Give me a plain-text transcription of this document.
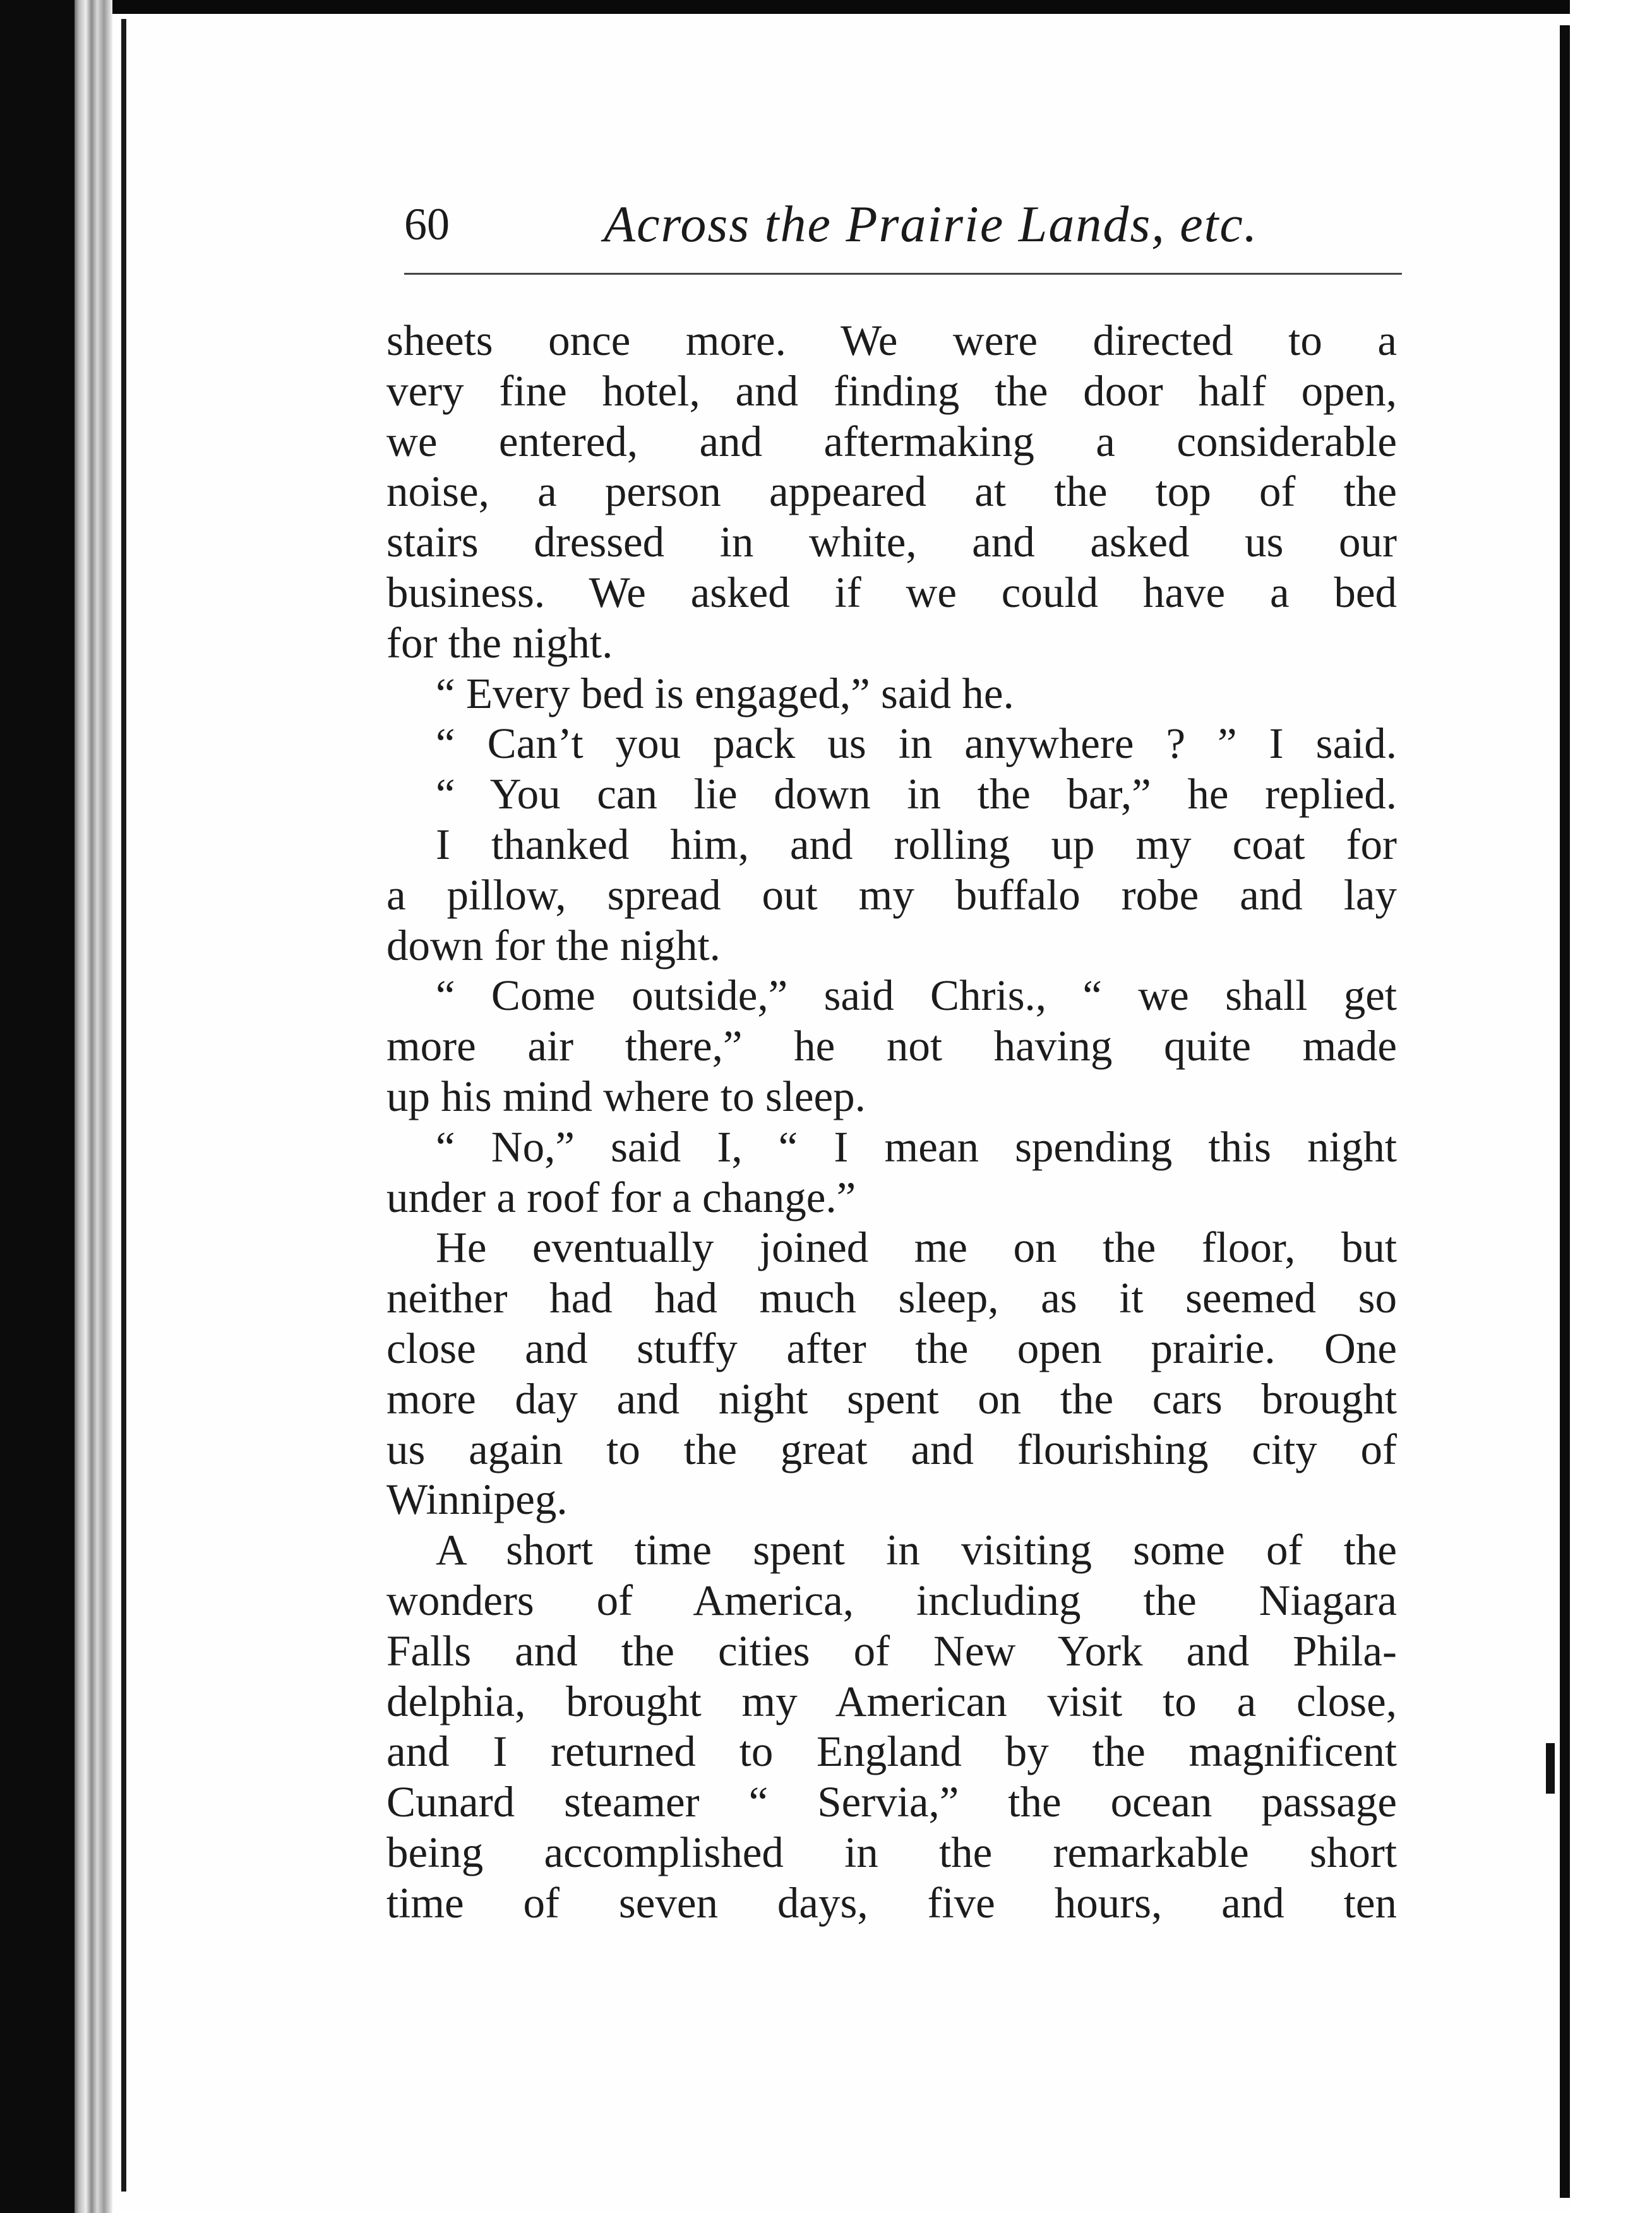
60	Across the Prairie Lands, etc.
sheets once more. We were directed to a
very fine hotel, and finding the door half open,
we entered, and aftermaking a considerable
noise, a person appeared at the top of the
stairs dressed in white, and asked us our
business. We asked if we could have a bed
for the night.
“ Every bed is engaged,” said he.
“ Can’t you pack us in anywhere ? ” I said.
“ You can lie down in the bar,” he replied.
I thanked him, and rolling up my coat for
a pillow, spread out my buffalo robe and lay
down for the night.
“ Come outside,” said Chris., “ we shall get
more air there,” he not having quite made
up his mind where to sleep.
“ No,” said I, “ I mean spending this night
under a roof for a change.”
He eventually joined me on the floor, but
neither had had much sleep, as it seemed so
close and stuffy after the open prairie. One
more day and night spent on the cars brought
us again to the great and flourishing city of
Winnipeg.
A short time spent in visiting some of the
wonders of America, including the Niagara
Falls and the cities of New York and Phila-
delphia, brought my American visit to a close,
and I returned to England by the magnificent
Cunard steamer “ Servia,” the ocean passage
being accomplished in the remarkable short
time of seven days, five hours, and ten
